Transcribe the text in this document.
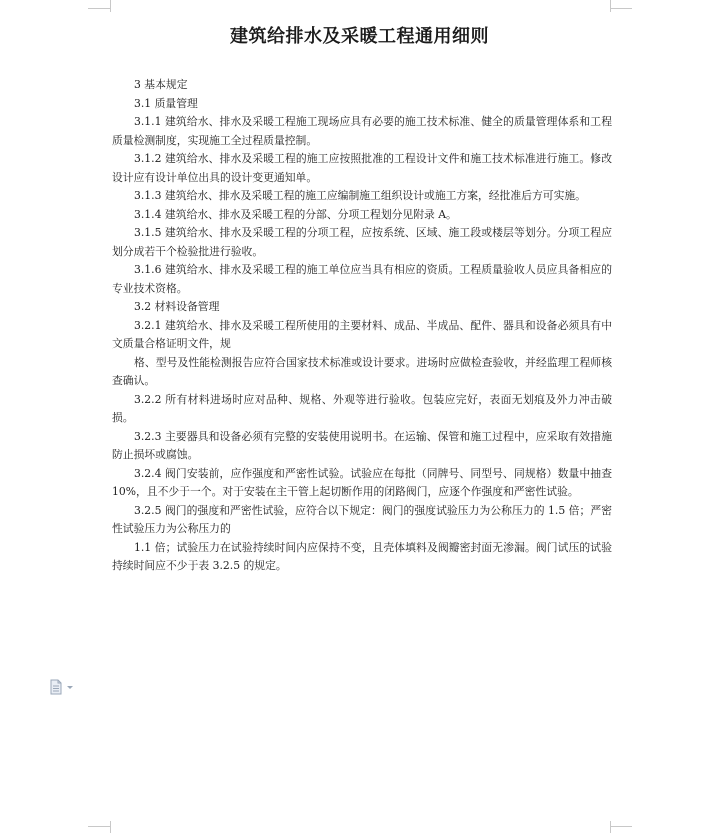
建筑给排水及采暖工程通用细则

3 基本规定

3.1 质量管理

3.1.1 建筑给水、排水及采暖工程施工现场应具有必要的施工技术标准、健全的质量管理体系和工程质量检测制度，实现施工全过程质量控制。

3.1.2 建筑给水、排水及采暖工程的施工应按照批准的工程设计文件和施工技术标准进行施工。修改设计应有设计单位出具的设计变更通知单。

3.1.3 建筑给水、排水及采暖工程的施工应编制施工组织设计或施工方案，经批准后方可实施。

3.1.4 建筑给水、排水及采暖工程的分部、分项工程划分见附录 A。

3.1.5 建筑给水、排水及采暖工程的分项工程，应按系统、区域、施工段或楼层等划分。分项工程应划分成若干个检验批进行验收。

3.1.6 建筑给水、排水及采暖工程的施工单位应当具有相应的资质。工程质量验收人员应具备相应的专业技术资格。

3.2 材料设备管理

3.2.1 建筑给水、排水及采暖工程所使用的主要材料、成品、半成品、配件、器具和设备必须具有中文质量合格证明文件，规

格、型号及性能检测报告应符合国家技术标准或设计要求。进场时应做检查验收，并经监理工程师核查确认。

3.2.2 所有材料进场时应对品种、规格、外观等进行验收。包装应完好，表面无划痕及外力冲击破损。

3.2.3 主要器具和设备必须有完整的安装使用说明书。在运输、保管和施工过程中，应采取有效措施防止损坏或腐蚀。

3.2.4 阀门安装前，应作强度和严密性试验。试验应在每批（同牌号、同型号、同规格）数量中抽查 10%，且不少于一个。对于安装在主干管上起切断作用的闭路阀门，应逐个作强度和严密性试验。

3.2.5 阀门的强度和严密性试验，应符合以下规定：阀门的强度试验压力为公称压力的 1.5 倍；严密性试验压力为公称压力的

1.1 倍；试验压力在试验持续时间内应保持不变，且壳体填料及阀瓣密封面无渗漏。阀门试压的试验持续时间应不少于表 3.2.5 的规定。
